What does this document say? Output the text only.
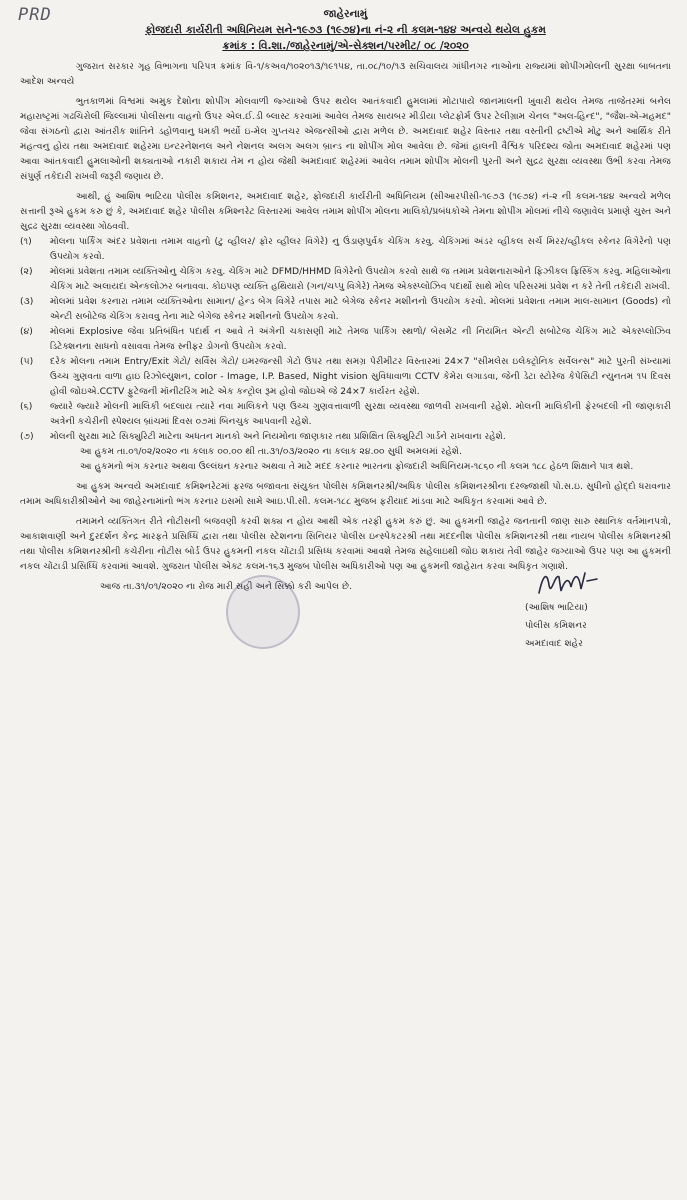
PRD	જાહેરનામું
ફોજદારી કાર્યરીતી અધિનિયમ સને-૧૯૭૩ (૧૯૭૪)ના નં-૨ ની કલમ-૧૪૪ અન્વયે થયેલ હુકમ
ક્રમાંક : વિ.શા./જાહેરનામું/એ-સેક્શન/પરમીટ/ ૦૮ /૨૦૨૦

ગુજરાત સરકાર ગૃહ વિભાગના પરિપત્ર ક્રમાંક વિ-૧/કઅવ/૧૦૨૦૧૩/૧૯૧૫૪, તા.૦૮/૧૦/૧૩ સચિવાલય ગાંધીનગર નાઓના રાજ્યમાં શોપીંગમોલની સુરક્ષા બાબતના આદેશ અન્વયે

ભુતકાળમાં વિશ્વમાં અમુક દેશોના શોપીંગ મોલવાળી જ્ગ્યાઓ ઉપર થયેલ આતંકવાદી હુમલામાં મોટાપાયે જાનમાલની ખુવારી થયેલ તેમજ તાજેતરમાં બનેલ મહારાષ્ટ્રમાં ગઢચિરોલી જિલ્લામાં પોલીસના વાહનો ઉપર એલ.ઈ.ડી બ્લાસ્ટ કરવામાં આવેલ તેમજ સાયબર મીડીયા પ્લેટફોર્મ ઉપર ટેલીગ્રામ ચેનલ "અલ-હિન્દ", "જૈશ-એ-મહમદ" જેવા સંગઠનો દ્વારા આંતરીક શાંતિને ડહોળવાનુ ધમકી ભર્યો ઇ-મેલ ગુપ્તચર એજન્સીઓ દ્વારા મળેલ છે. અમદાવાદ શહેર વિસ્તાર તથા વસ્તીની દ્રષ્ટીએ મોટુ અને આર્થિક રીતે મહત્વનુ હોય તથા અમદાવાદ શહેરમા ઇન્ટરનેશનલ અને નેશનલ અલગ અલગ બ્રાન્ડ ના શોપીંગ મોલ આવેલા છે. જેમાં હાલની વૈશ્વિક પરિદશ્ય જોતા અમદાવાદ શહેરમાં પણ આવા આંતકવાદી હુમલાઓની શક્યતાઓ નકારી શકાય તેમ ન હોય જેથી અમદાવાદ શહેરમાં આવેલ તમામ શોપીંગ મોલની પુરતી અને સુદ્રઢ સુરક્ષા વ્યવસ્થા ઉભી કરવા તેમજ સંપુર્ણ તકેદારી રાખવી જરૂરી જણાય છે.

આથી, હું આશિષ ભાટિયા પોલીસ કમિશનર, અમદાવાદ શહેર, ફોજદારી કાર્યરીતી અધિનિયમ (સીઆરપીસી-૧૯૭૩ (૧૯૭૪) નં-૨ ની કલમ-૧૪૪ અન્વયે મળેલ સત્તાની રૂએ હુકમ કરુ છું કે, અમદાવાદ શહેર પોલીસ કમિશ્નરેટ વિસ્તારમાં આવેલ તમામ શોપીંગ મોલના માલિકો/પ્રબંધકોએ તેમના શોપીંગ મોલમાં નીચે જણાવેલ પ્રમાણે ચુસ્ત અને સુદ્રઢ સુરક્ષા વ્યવસ્થા ગોઠવવી.

(૧)	મોલના પાર્કિંગ અંદર પ્રવેશતા તમામ વાહનો (ટુ વ્હીલર/ ફોર વ્હીલર વિગેરે) નુ ઉંડાણપુર્વક ચેકિંગ કરવુ. ચેકિંગમાં અંડર વ્હીકલ સર્ચ મિરર/વ્હીકલ સ્કેનર વિગેરેનો પણ ઉપયોગ કરવો.
(૨)	મોલમાં પ્રવેશતા તમામ વ્યક્તિઓનુ ચેકિંગ કરવુ. ચેકિંગ માટે DFMD/HHMD વિગેરેનો ઉપયોગ કરવો સાથે જ તમામ પ્રવેશનારાઓને ફિઝીકલ ફ્રિસ્કિંગ કરવુ. મહિલાઓના ચેકિંગ માટે અલાયદા એન્કલોઝર બનાવવા. કોઇપણ વ્યક્તિ હથિયારો (ગન/ચપ્પુ વિગેરે) તેમજ એક્સ્પ્લોઝિવ પદાર્થો સાથે મોલ પરિસરમાં પ્રવેશ ન કરે તેની તકેદારી રાખવી.
(૩)	મોલમાં પ્રવેશ કરનારા તમામ વ્યક્તિઓના સામાન/ હેન્ડ બેગ વિગેરે તપાસ માટે બેગેજ સ્કેનર મશીનનો ઉપયોગ કરવો. મોલમાં પ્રવેશતા તમામ માલ-સામાન (Goods) નો એન્ટી સબોટેજ ચેકિંગ કરાવવુ તેના માટે બેગેજ સ્કેનર મશીનનો ઉપયોગ કરવો.
(૪)	મોલમાં Explosive જેવા પ્રતિબંધિત પદાર્થ ન આવે તે અંગેની ચકાસણી માટે તેમજ પાર્કિંગ સ્થળો/ બેસમેંટ ની નિયમિત એન્ટી સબોટેજ ચેકિંગ માટે એક્સ્પ્લોઝિવ ડિટેક્શનના સાધનો વસાવવા તેમજ સ્નીફર ડોગનો ઉપયોગ કરવો.
(૫)	દરેક મોલના તમામ Entry/Exit ગેટો/ સર્વિસ ગેટો/ ઇમરજન્સી ગેટો ઉપર તથા સમગ્ર પેરીમીટર વિસ્તારમાં 24×7 "સીમલેસ ઇલેક્ટ્રોનિક સર્વેલન્સ" માટે પુરતી સંખ્યામાં ઉચ્ચ ગુણવતા વાળા હાઇ રિઝોલ્યુશન, color - Image, I.P. Based, Night vision સુવિધાવાળા CCTV કેમેરા લગાડવા, જેની ડેટા સ્ટોરેજ કેપેસિટી ન્યુનતમ ૧૫ દિવસ હોવી જોઇએ.CCTV ફુટેજની મૉનીટરિંગ માટે એક કન્ટ્રોલ રૂમ હોવો જોઇએ જે 24×7 કાર્યરત રહેશે.
(૬)	જ્યારે જ્યારે મોલની માલિકી બદલાય ત્યારે નવા માલિકને પણ ઉચ્ચ ગુણવત્તાવાળી સુરક્ષા વ્યવસ્થા જાળવી રાખવાની રહેશે. મોલની માલિકીની ફેરબદલી ની જાણકારી અત્રેની કચેરીની સ્પેશ્યલ બ્રાંચમાં દિવસ ૦૭માં બિનચુક આપવાની રહેશે.
(૭)	મોલની સુરક્ષા માટે સિક્યુરિટી માટેના અધતન માનકો અને નિયમોના જાણકાર તથા પ્રશિક્ષિત સિક્યુરિટી ગાર્ડને રાખવાના રહેશે.

આ હુકમ તા.૦૧/૦૨/૨૦૨૦ ના કલાક ૦૦.૦૦ થી તા.૩૧/૦૩/૨૦૨૦ ના કલાક ૨૪.૦૦ સુધી અમલમાં રહેશે.

આ હુકમનો ભંગ કરનાર અથવા ઉલ્લંઘન કરનાર અથવા તે માટે મદદ કરનાર ભારતના ફોજદારી અધિનિયમ-૧૮૬૦ ની કલમ ૧૮૮ હેઠળ શિક્ષાને પાત્ર થશે.

આ હુકમ અન્વયે અમદાવાદ કમિશ્નરેટમાં ફરજ બજાવતા સંયુક્ત પોલીસ કમિશનરશ્રી/અધિક પોલીસ કમિશનરશ્રીના દરજ્જાથી પો.સ.ઇ. સુધીનો હોદ્દો ધરાવનાર તમામ અધિકારીશ્રીઓને આ જાહેરનામાંનો ભંગ કરનાર ઇસમો સામે આઇ.પી.સી. કલમ-૧૮૮ મુજબ ફરીયાદ માંડવા માટે અધિકૃત કરવામાં આવે છે.

તમામને વ્યક્તિગત રીતે નોટીસની બજવણી કરવી શક્ય ન હોય આથી એક તરફી હુકમ કરું છું. આ હુકમની જાહેર જનતાની જાણ સારુ સ્થાનિક વર્તમાનપત્રો, આકાશવાણી અને દુરદર્શન કેન્દ્ર મારફતે પ્રસિધ્ધિ દ્વારા તથા પોલીસ સ્ટેશનના સિનિયર પોલીસ ઇન્સ્પેકટરશ્રી તથા મદદનીશ પોલીસ કમિશનરશ્રી તથા નાયબ પોલીસ કમિશનરશ્રી તથા પોલીસ કમિશનરશ્રીની કચેરીના નોટીસ બોર્ડ ઉપર હુકમની નકલ ચોંટાડી પ્રસિધ્ધ કરવામાં આવશે તેમજ સહેલાઇથી જોઇ શકાય તેવી જાહેર જગ્યાઓ ઉપર પણ આ હુકમની નકલ ચોંટાડી પ્રસિધ્ધિ કરવામાં આવશે. ગુજરાત પોલીસ એક્ટ કલમ-૧૬૩ મુજબ પોલીસ અધિકારીઓ પણ આ હુકમની જાહેરાત કરવા અધિકૃત ગણાશે.

આજ તા.૩૧/૦૧/૨૦૨૦ ના રોજ મારી સહી અને સિક્કો કરી આપેલ છે.
(આશિષ ભાટિયા)
પોલીસ કમિશનર
અમદાવાદ શહેર
